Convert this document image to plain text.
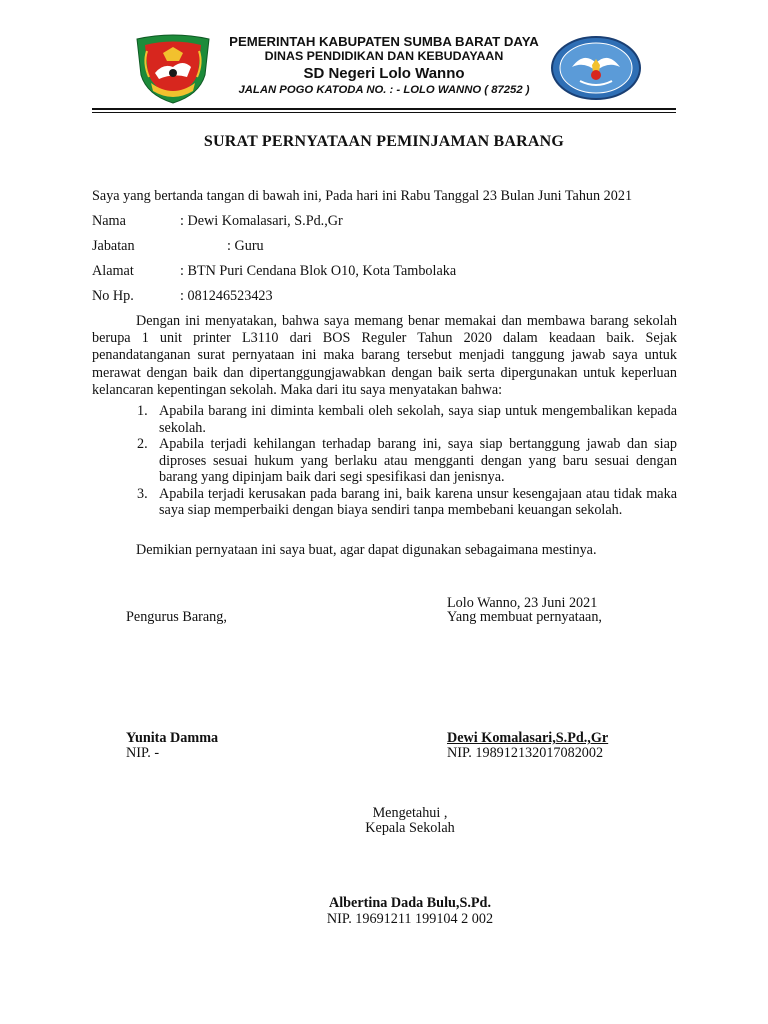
PEMERINTAH KABUPATEN SUMBA BARAT DAYA
DINAS PENDIDIKAN DAN KEBUDAYAAN
SD Negeri Lolo Wanno
JALAN POGO KATODA NO. : - LOLO WANNO ( 87252 )
SURAT PERNYATAAN PEMINJAMAN BARANG
Saya yang bertanda tangan di bawah ini, Pada hari ini Rabu Tanggal 23 Bulan Juni Tahun 2021
Nama	: Dewi Komalasari, S.Pd.,Gr
Jabatan	: Guru
Alamat	: BTN Puri Cendana Blok O10, Kota Tambolaka
No Hp.	: 081246523423
Dengan ini menyatakan, bahwa saya memang benar memakai dan membawa barang sekolah berupa 1 unit printer L3110 dari BOS Reguler Tahun 2020 dalam keadaan baik. Sejak penandatanganan surat pernyataan ini maka barang tersebut menjadi tanggung jawab saya untuk merawat dengan baik dan dipertanggungjawabkan dengan baik serta dipergunakan untuk keperluan kelancaran kepentingan sekolah. Maka dari itu saya menyatakan bahwa:
1. Apabila barang ini diminta kembali oleh sekolah, saya siap untuk mengembalikan kepada sekolah.
2. Apabila terjadi kehilangan terhadap barang ini, saya siap bertanggung jawab dan siap diproses sesuai hukum yang berlaku atau mengganti dengan yang baru sesuai dengan barang yang dipinjam baik dari segi spesifikasi dan jenisnya.
3. Apabila terjadi kerusakan pada barang ini, baik karena unsur kesengajaan atau tidak maka saya siap memperbaiki dengan biaya sendiri tanpa membebani keuangan sekolah.
Demikian pernyataan ini saya buat, agar dapat digunakan sebagaimana mestinya.
Lolo Wanno, 23 Juni 2021
Pengurus Barang,	Yang membuat pernyataan,
Yunita Damma
NIP. -
Dewi Komalasari,S.Pd.,Gr
NIP. 198912132017082002
Mengetahui ,
Kepala Sekolah
Albertina Dada Bulu,S.Pd.
NIP. 19691211 199104 2 002
